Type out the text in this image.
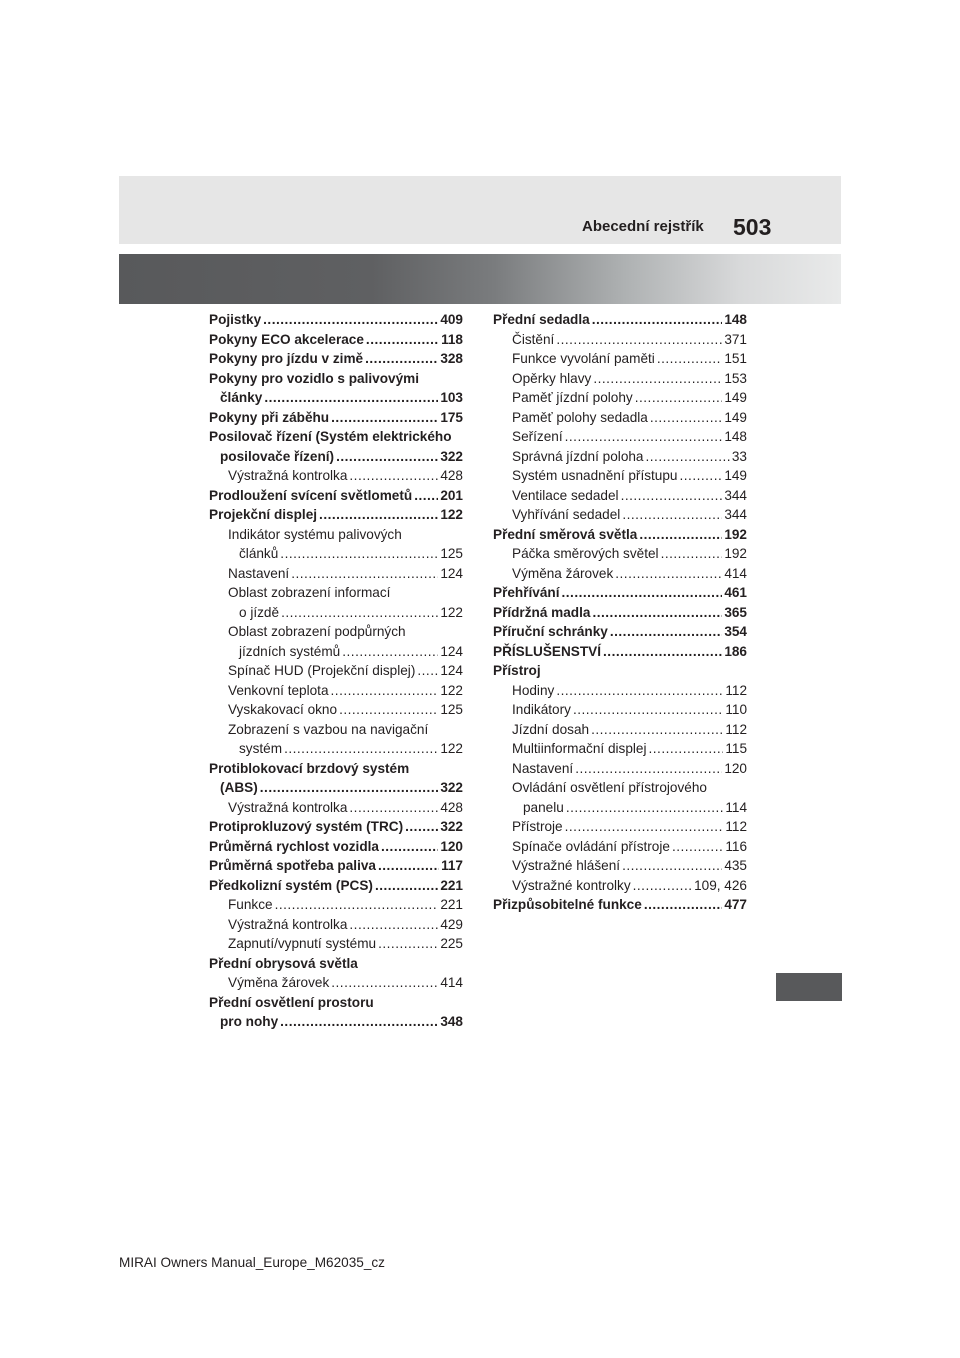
Abecední rejstřík 503
Pojistky .....	409
Pokyny ECO akcelerace .....	118
Pokyny pro jízdu v zimě .....	328
Pokyny pro vozidlo s palivovými
články .....	103
Pokyny při záběhu .....	175
Posilovač řízení (Systém elektrického
posilovače řízení) .....	322
Výstražná kontrolka .....	428
Prodloužení svícení světlometů ..... 201
Projekční displej .....	122
Indikátor systému palivových
článků .....	125
Nastavení .....	124
Oblast zobrazení informací
o jízdě .....	122
Oblast zobrazení podpůrných
jízdních systémů .....	124
Spínač HUD (Projekční displej) ..... 124
Venkovní teplota .....	122
Vyskakovací okno .....	125
Zobrazení s vazbou na navigační
systém .....	122
Protiblokovací brzdový systém
(ABS) .....	322
Výstražná kontrolka .....	428
Protiprokluzový systém (TRC) .....	322
Průměrná rychlost vozidla .....	120
Průměrná spotřeba paliva .....	117
Předkolizní systém (PCS) .....	221
Funkce .....	221
Výstražná kontrolka .....	429
Zapnutí/vypnutí systému .....	225
Přední obrysová světla
Výměna žárovek .....	414
Přední osvětlení prostoru
pro nohy .....	348
Přední sedadla .....	148
Čistění .....	371
Funkce vyvolání paměti .....	151
Opěrky hlavy .....	153
Paměť jízdní polohy .....	149
Paměť polohy sedadla .....	149
Seřízení .....	148
Správná jízdní poloha .....	33
Systém usnadnění přístupu .....	149
Ventilace sedadel .....	344
Vyhřívání sedadel .....	344
Přední směrová světla .....	192
Páčka směrových světel .....	192
Výměna žárovek .....	414
Přehřívání .....	461
Přídržná madla .....	365
Příruční schránky .....	354
PŘÍSLUŠENSTVÍ .....	186
Přístroj
Hodiny .....	112
Indikátory .....	110
Jízdní dosah .....	112
Multiinformační displej .....	115
Nastavení .....	120
Ovládání osvětlení přístrojového
panelu .....	114
Přístroje .....	112
Spínače ovládání přístroje .....	116
Výstražné hlášení .....	435
Výstražné kontrolky .....	109, 426
Přizpůsobitelné funkce .....	477
MIRAI Owners Manual_Europe_M62035_cz
